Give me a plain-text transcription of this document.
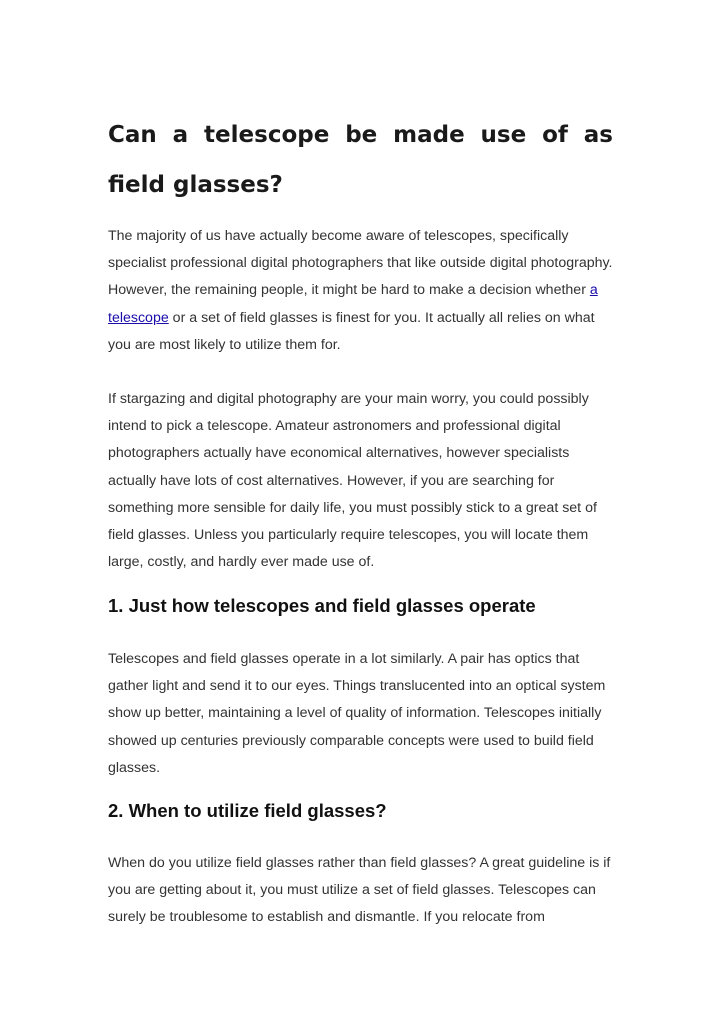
Can a telescope be made use of as field glasses?

The majority of us have actually become aware of telescopes, specifically specialist professional digital photographers that like outside digital photography. However, the remaining people, it might be hard to make a decision whether a telescope or a set of field glasses is finest for you. It actually all relies on what you are most likely to utilize them for.

If stargazing and digital photography are your main worry, you could possibly intend to pick a telescope. Amateur astronomers and professional digital photographers actually have economical alternatives, however specialists actually have lots of cost alternatives. However, if you are searching for something more sensible for daily life, you must possibly stick to a great set of field glasses. Unless you particularly require telescopes, you will locate them large, costly, and hardly ever made use of.

1. Just how telescopes and field glasses operate

Telescopes and field glasses operate in a lot similarly. A pair has optics that gather light and send it to our eyes. Things translucented into an optical system show up better, maintaining a level of quality of information. Telescopes initially showed up centuries previously comparable concepts were used to build field glasses.

2. When to utilize field glasses?

When do you utilize field glasses rather than field glasses? A great guideline is if you are getting about it, you must utilize a set of field glasses. Telescopes can surely be troublesome to establish and dismantle. If you relocate from
